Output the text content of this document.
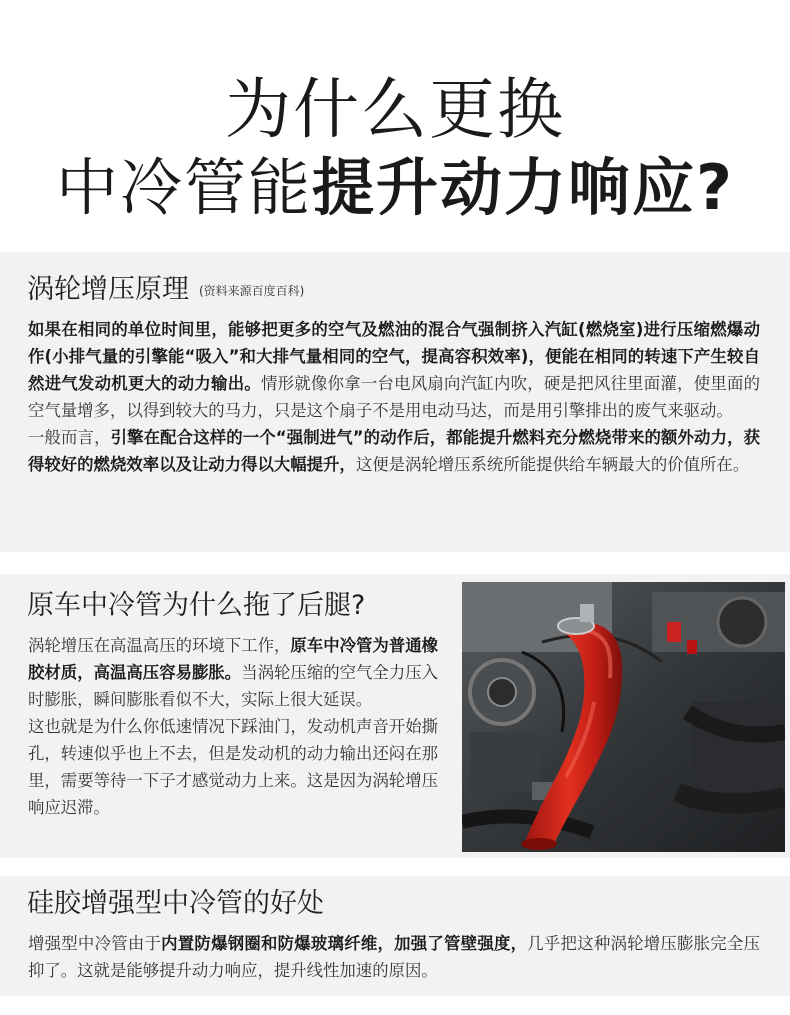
为什么更换
中冷管能提升动力响应?
涡轮增压原理 (资料来源百度百科)

如果在相同的单位时间里，能够把更多的空气及燃油的混合气强制挤入汽缸(燃烧室)进行压缩燃爆动作(小排气量的引擎能“吸入”和大排气量相同的空气，提高容积效率)，便能在相同的转速下产生较自然进气发动机更大的动力输出。情形就像你拿一台电风扇向汽缸内吹，硬是把风往里面灌，使里面的空气量增多，以得到较大的马力，只是这个扇子不是用电动马达，而是用引擎排出的废气来驱动。

一般而言，引擎在配合这样的一个“强制进气”的动作后，都能提升燃料充分燃烧带来的额外动力，获得较好的燃烧效率以及让动力得以大幅提升，这便是涡轮增压系统所能提供给车辆最大的价值所在。

原车中冷管为什么拖了后腿?

涡轮增压在高温高压的环境下工作，原车中冷管为普通橡胶材质，高温高压容易膨胀。当涡轮压缩的空气全力压入时膨胀，瞬间膨胀看似不大，实际上很大延误。

这也就是为什么你低速情况下踩油门，发动机声音开始撕孔，转速似乎也上不去，但是发动机的动力输出还闷在那里，需要等待一下子才感觉动力上来。这是因为涡轮增压响应迟滞。

硅胶增强型中冷管的好处

增强型中冷管由于内置防爆钢圈和防爆玻璃纤维，加强了管壁强度，几乎把这种涡轮增压膨胀完全压抑了。这就是能够提升动力响应，提升线性加速的原因。
